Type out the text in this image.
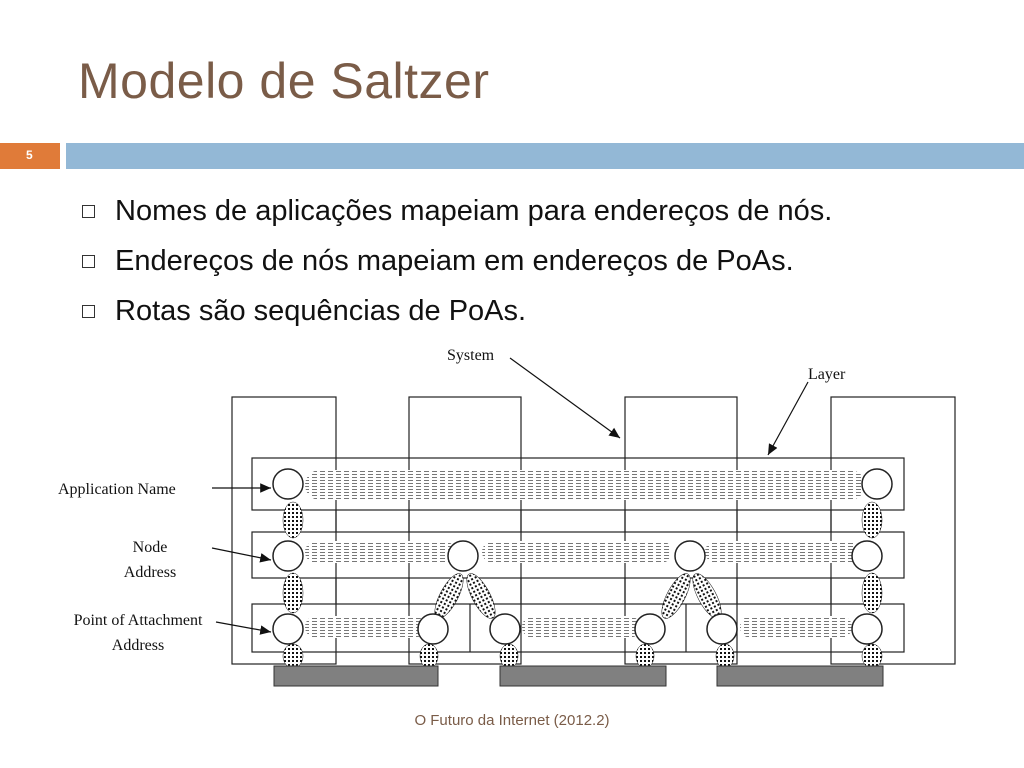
Modelo de Saltzer
5
Nomes de aplicações mapeiam para endereços de nós.
Endereços de nós mapeiam em endereços de PoAs.
Rotas são sequências de PoAs.
System
Layer
Application Name
Node
Address
Point of Attachment
Address
O Futuro da Internet (2012.2)
